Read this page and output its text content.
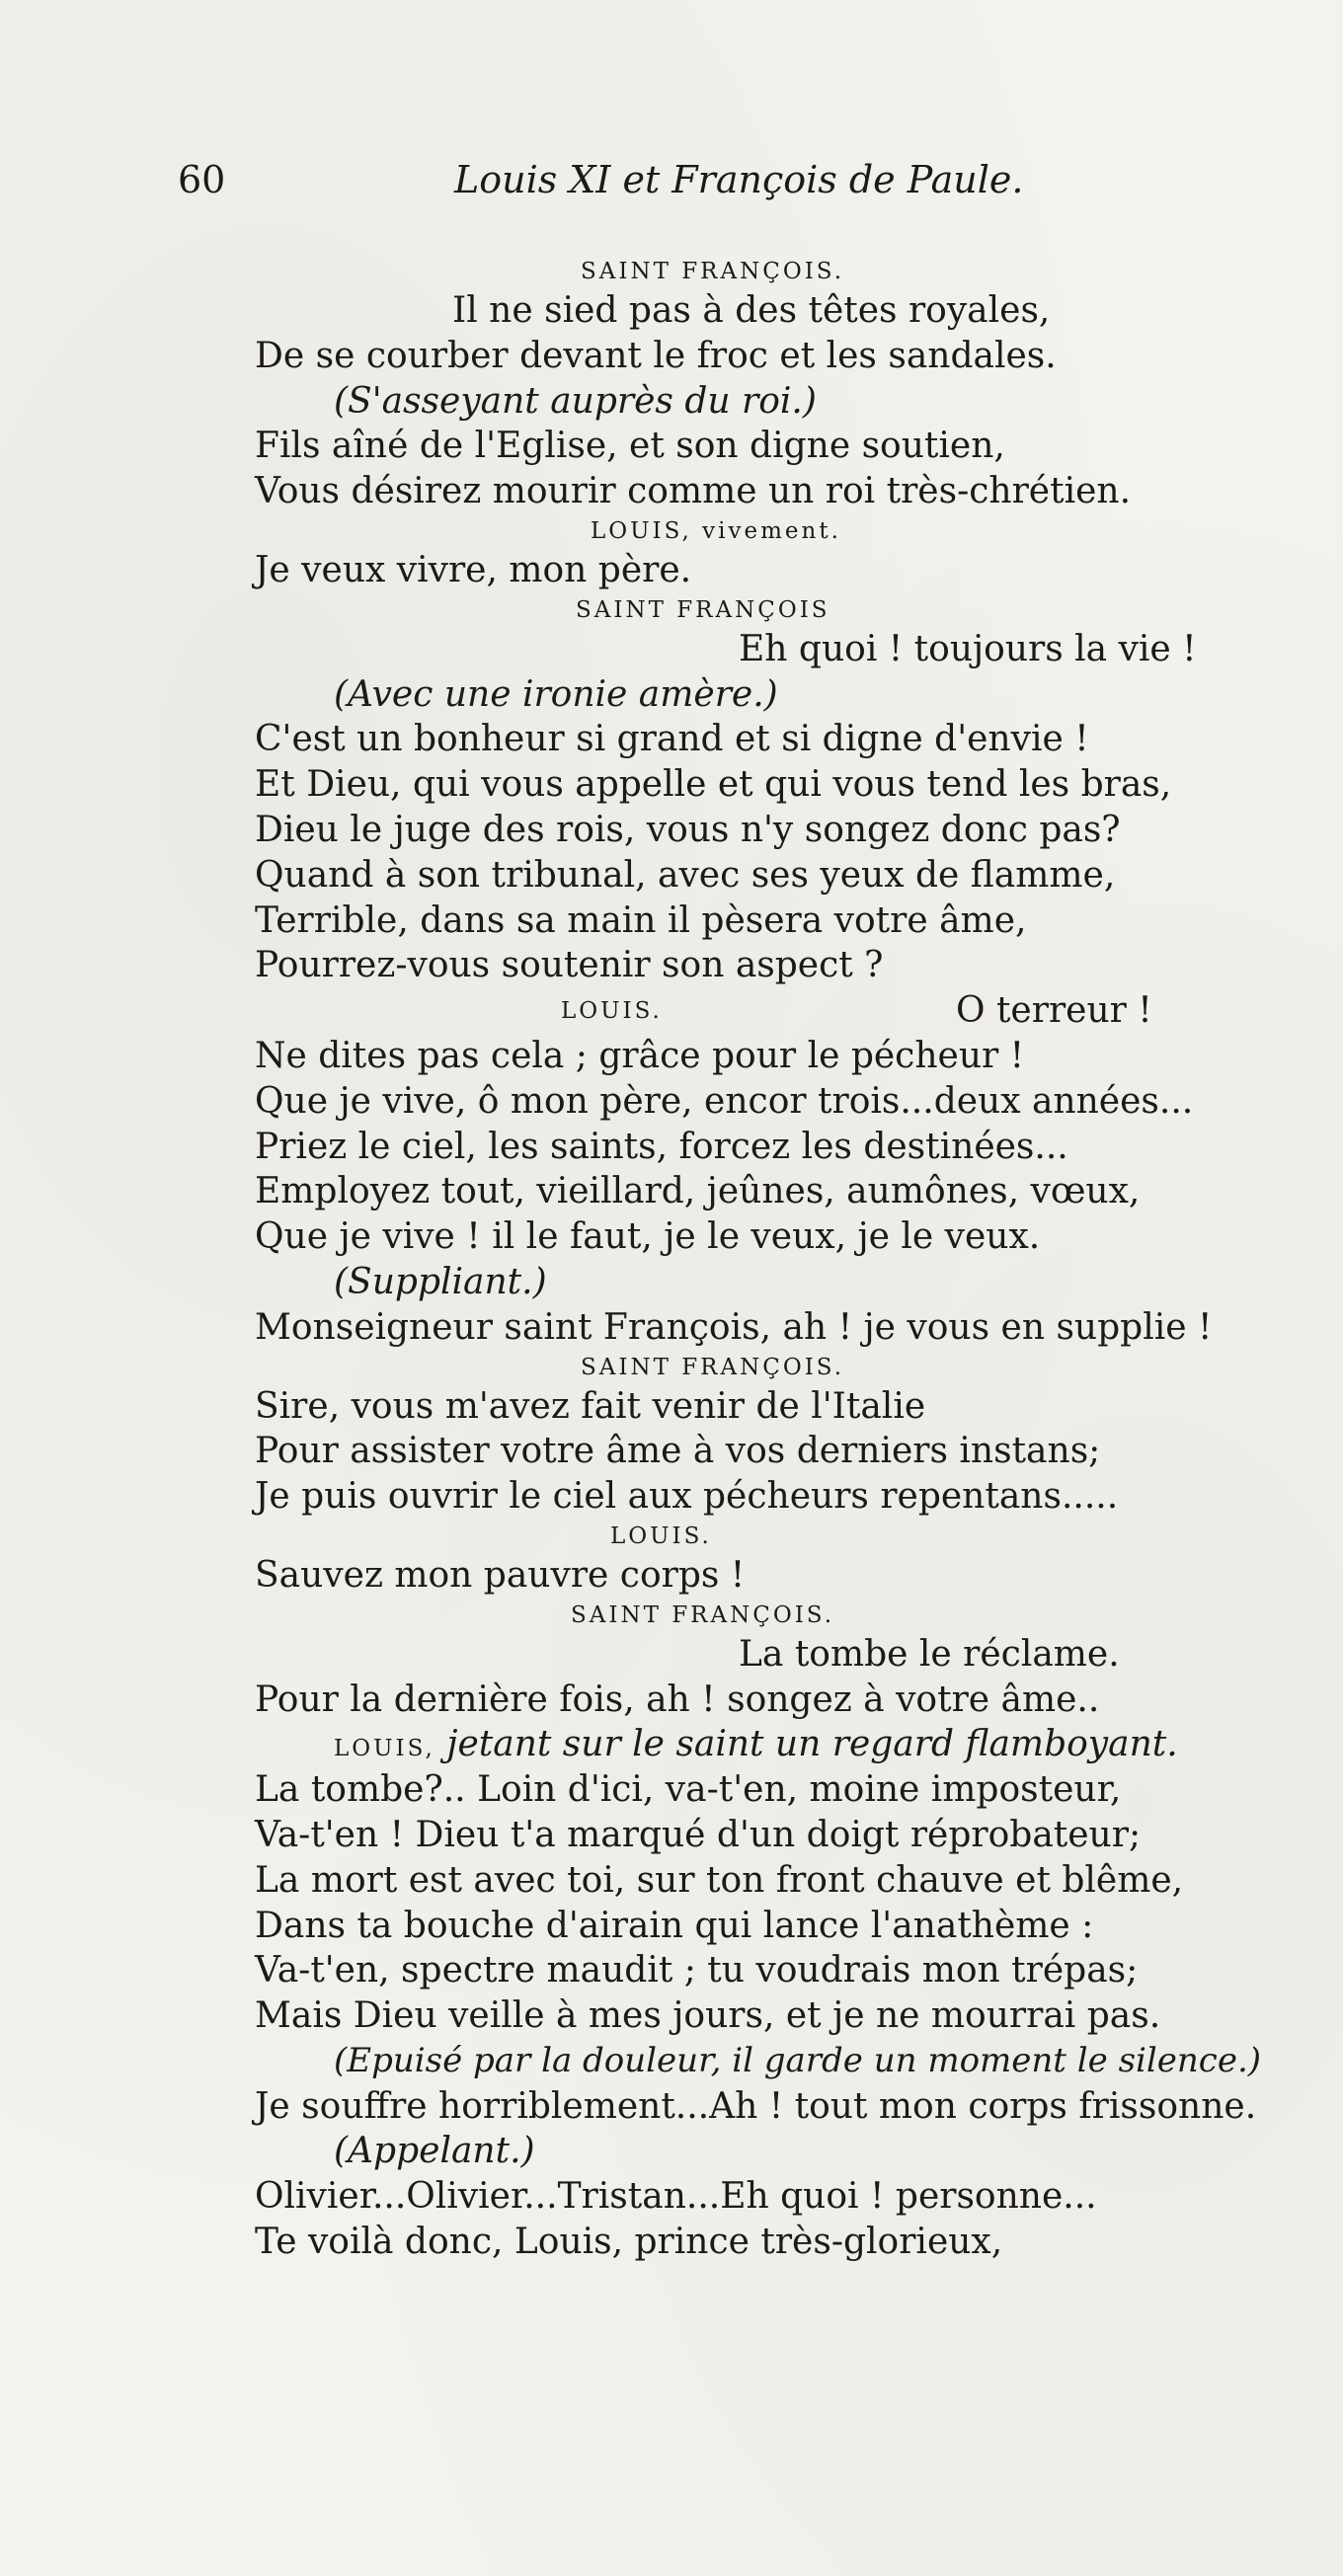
60	Louis XI et François de Paule.
SAINT FRANÇOIS.
Il ne sied pas à des têtes royales,
De se courber devant le froc et les sandales.
(S'asseyant auprès du roi.)
Fils aîné de l'Eglise, et son digne soutien,
Vous désirez mourir comme un roi très-chrétien.
LOUIS, vivement.
Je veux vivre, mon père.
SAINT FRANÇOIS
Eh quoi ! toujours la vie !
(Avec une ironie amère.)
C'est un bonheur si grand et si digne d'envie !
Et Dieu, qui vous appelle et qui vous tend les bras,
Dieu le juge des rois, vous n'y songez donc pas?
Quand à son tribunal, avec ses yeux de flamme,
Terrible, dans sa main il pèsera votre âme,
Pourrez-vous soutenir son aspect ?
LOUIS.	O terreur !
Ne dites pas cela ; grâce pour le pécheur !
Que je vive, ô mon père, encor trois...deux années...
Priez le ciel, les saints, forcez les destinées...
Employez tout, vieillard, jeûnes, aumônes, vœux,
Que je vive ! il le faut, je le veux, je le veux.
(Suppliant.)
Monseigneur saint François, ah ! je vous en supplie !
SAINT FRANÇOIS.
Sire, vous m'avez fait venir de l'Italie
Pour assister votre âme à vos derniers instans;
Je puis ouvrir le ciel aux pécheurs repentans.....
LOUIS.
Sauvez mon pauvre corps !
SAINT FRANÇOIS.
La tombe le réclame.
Pour la dernière fois, ah ! songez à votre âme..
LOUIS, jetant sur le saint un regard flamboyant.
La tombe?.. Loin d'ici, va-t'en, moine imposteur,
Va-t'en ! Dieu t'a marqué d'un doigt réprobateur;
La mort est avec toi, sur ton front chauve et blême,
Dans ta bouche d'airain qui lance l'anathème :
Va-t'en, spectre maudit ; tu voudrais mon trépas;
Mais Dieu veille à mes jours, et je ne mourrai pas.
(Epuisé par la douleur, il garde un moment le silence.)
Je souffre horriblement...Ah ! tout mon corps frissonne.
(Appelant.)
Olivier...Olivier...Tristan...Eh quoi ! personne...
Te voilà donc, Louis, prince très-glorieux,
